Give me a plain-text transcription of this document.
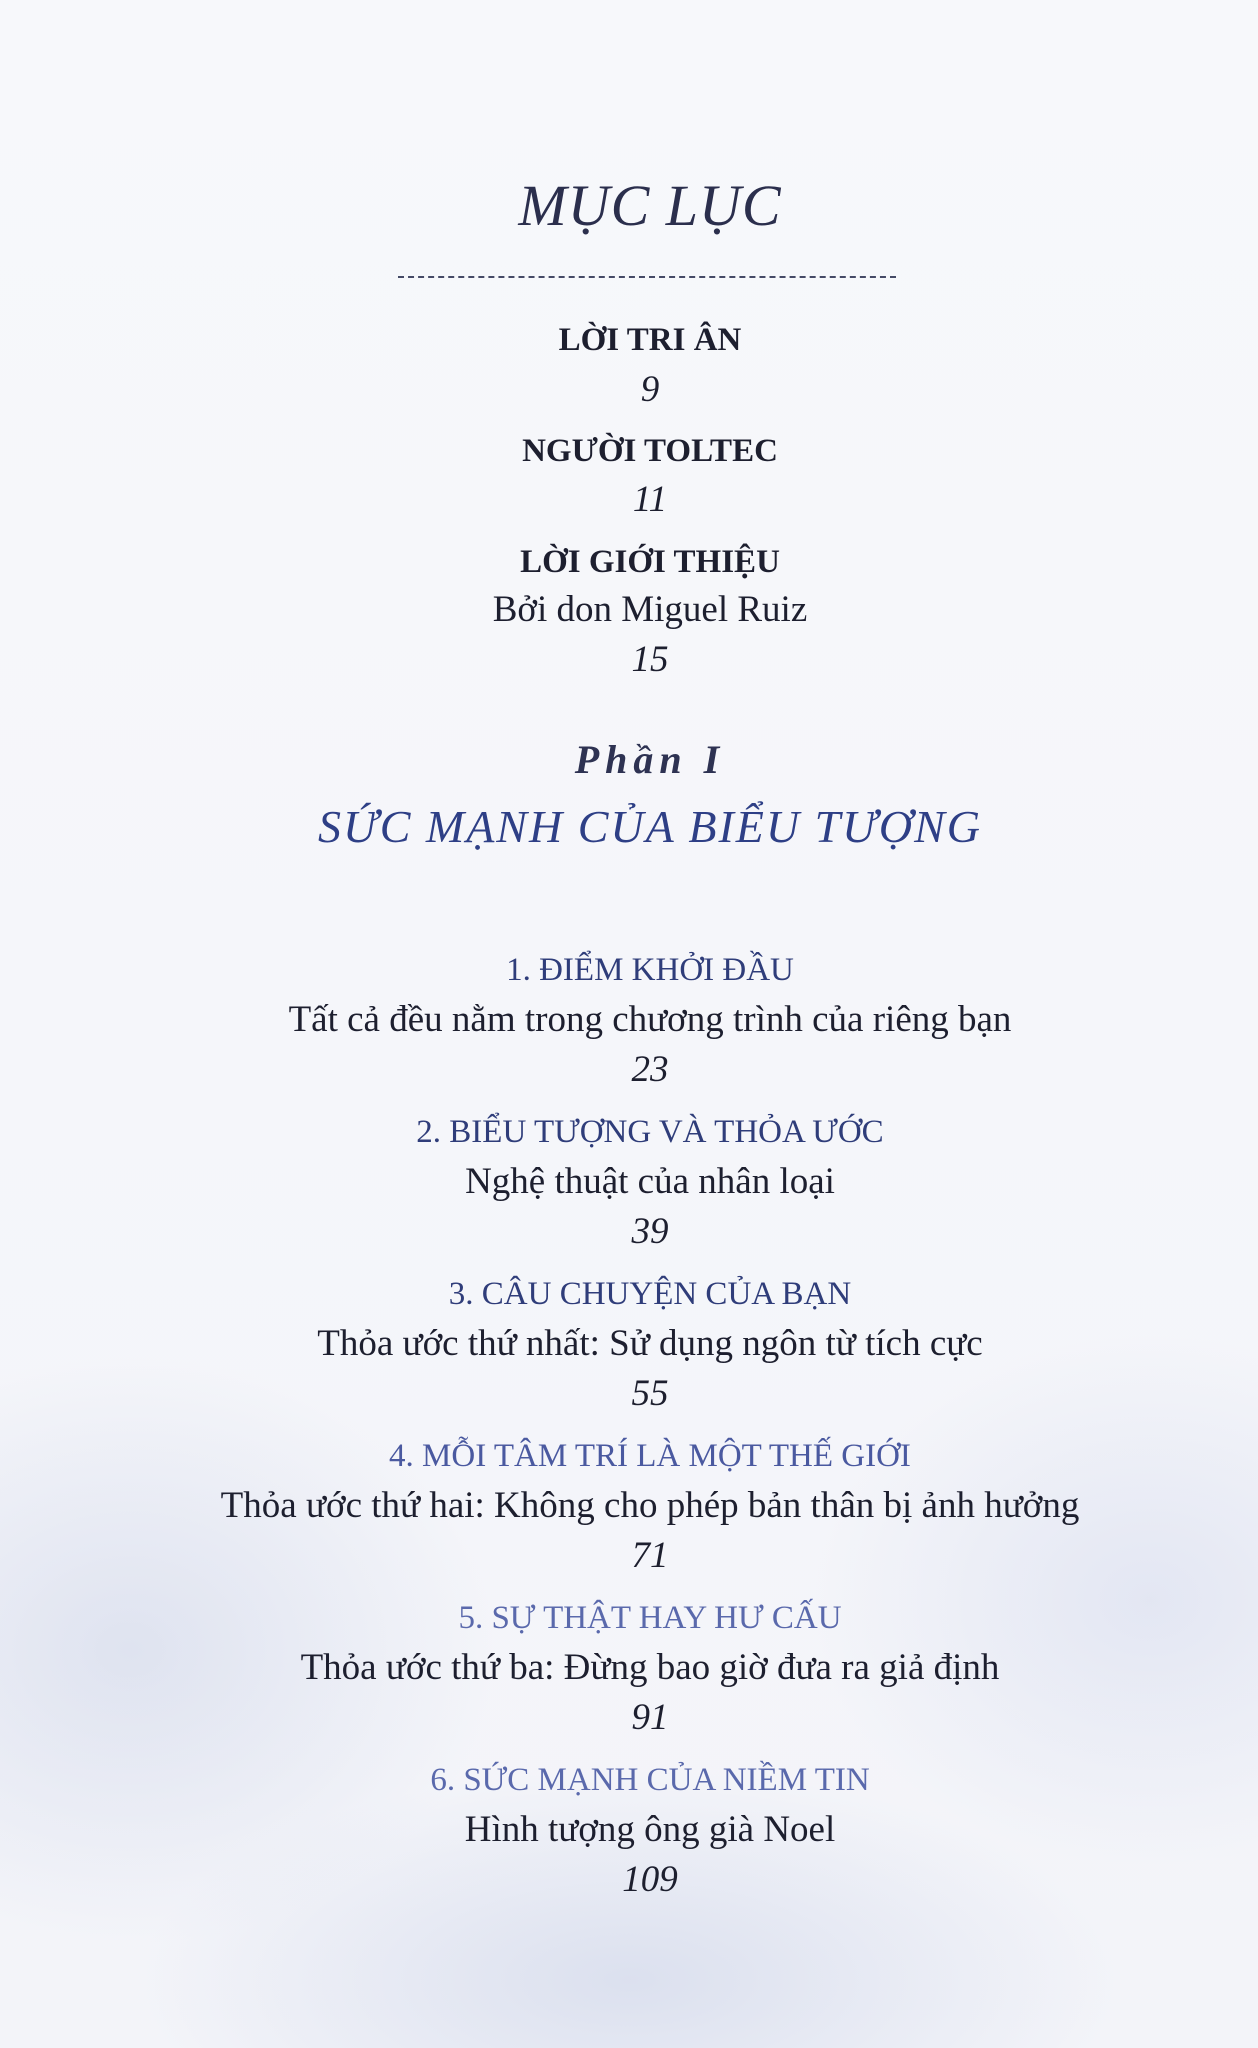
MỤC LỤC
LỜI TRI ÂN
9
NGƯỜI TOLTEC
11
LỜI GIỚI THIỆU
Bởi don Miguel Ruiz
15
Phần I
SỨC MẠNH CỦA BIỂU TƯỢNG
1. ĐIỂM KHỞI ĐẦU
Tất cả đều nằm trong chương trình của riêng bạn
23
2. BIỂU TƯỢNG VÀ THỎA ƯỚC
Nghệ thuật của nhân loại
39
3. CÂU CHUYỆN CỦA BẠN
Thỏa ước thứ nhất: Sử dụng ngôn từ tích cực
55
4. MỖI TÂM TRÍ LÀ MỘT THẾ GIỚI
Thỏa ước thứ hai: Không cho phép bản thân bị ảnh hưởng
71
5. SỰ THẬT HAY HƯ CẤU
Thỏa ước thứ ba: Đừng bao giờ đưa ra giả định
91
6. SỨC MẠNH CỦA NIỀM TIN
Hình tượng ông già Noel
109
